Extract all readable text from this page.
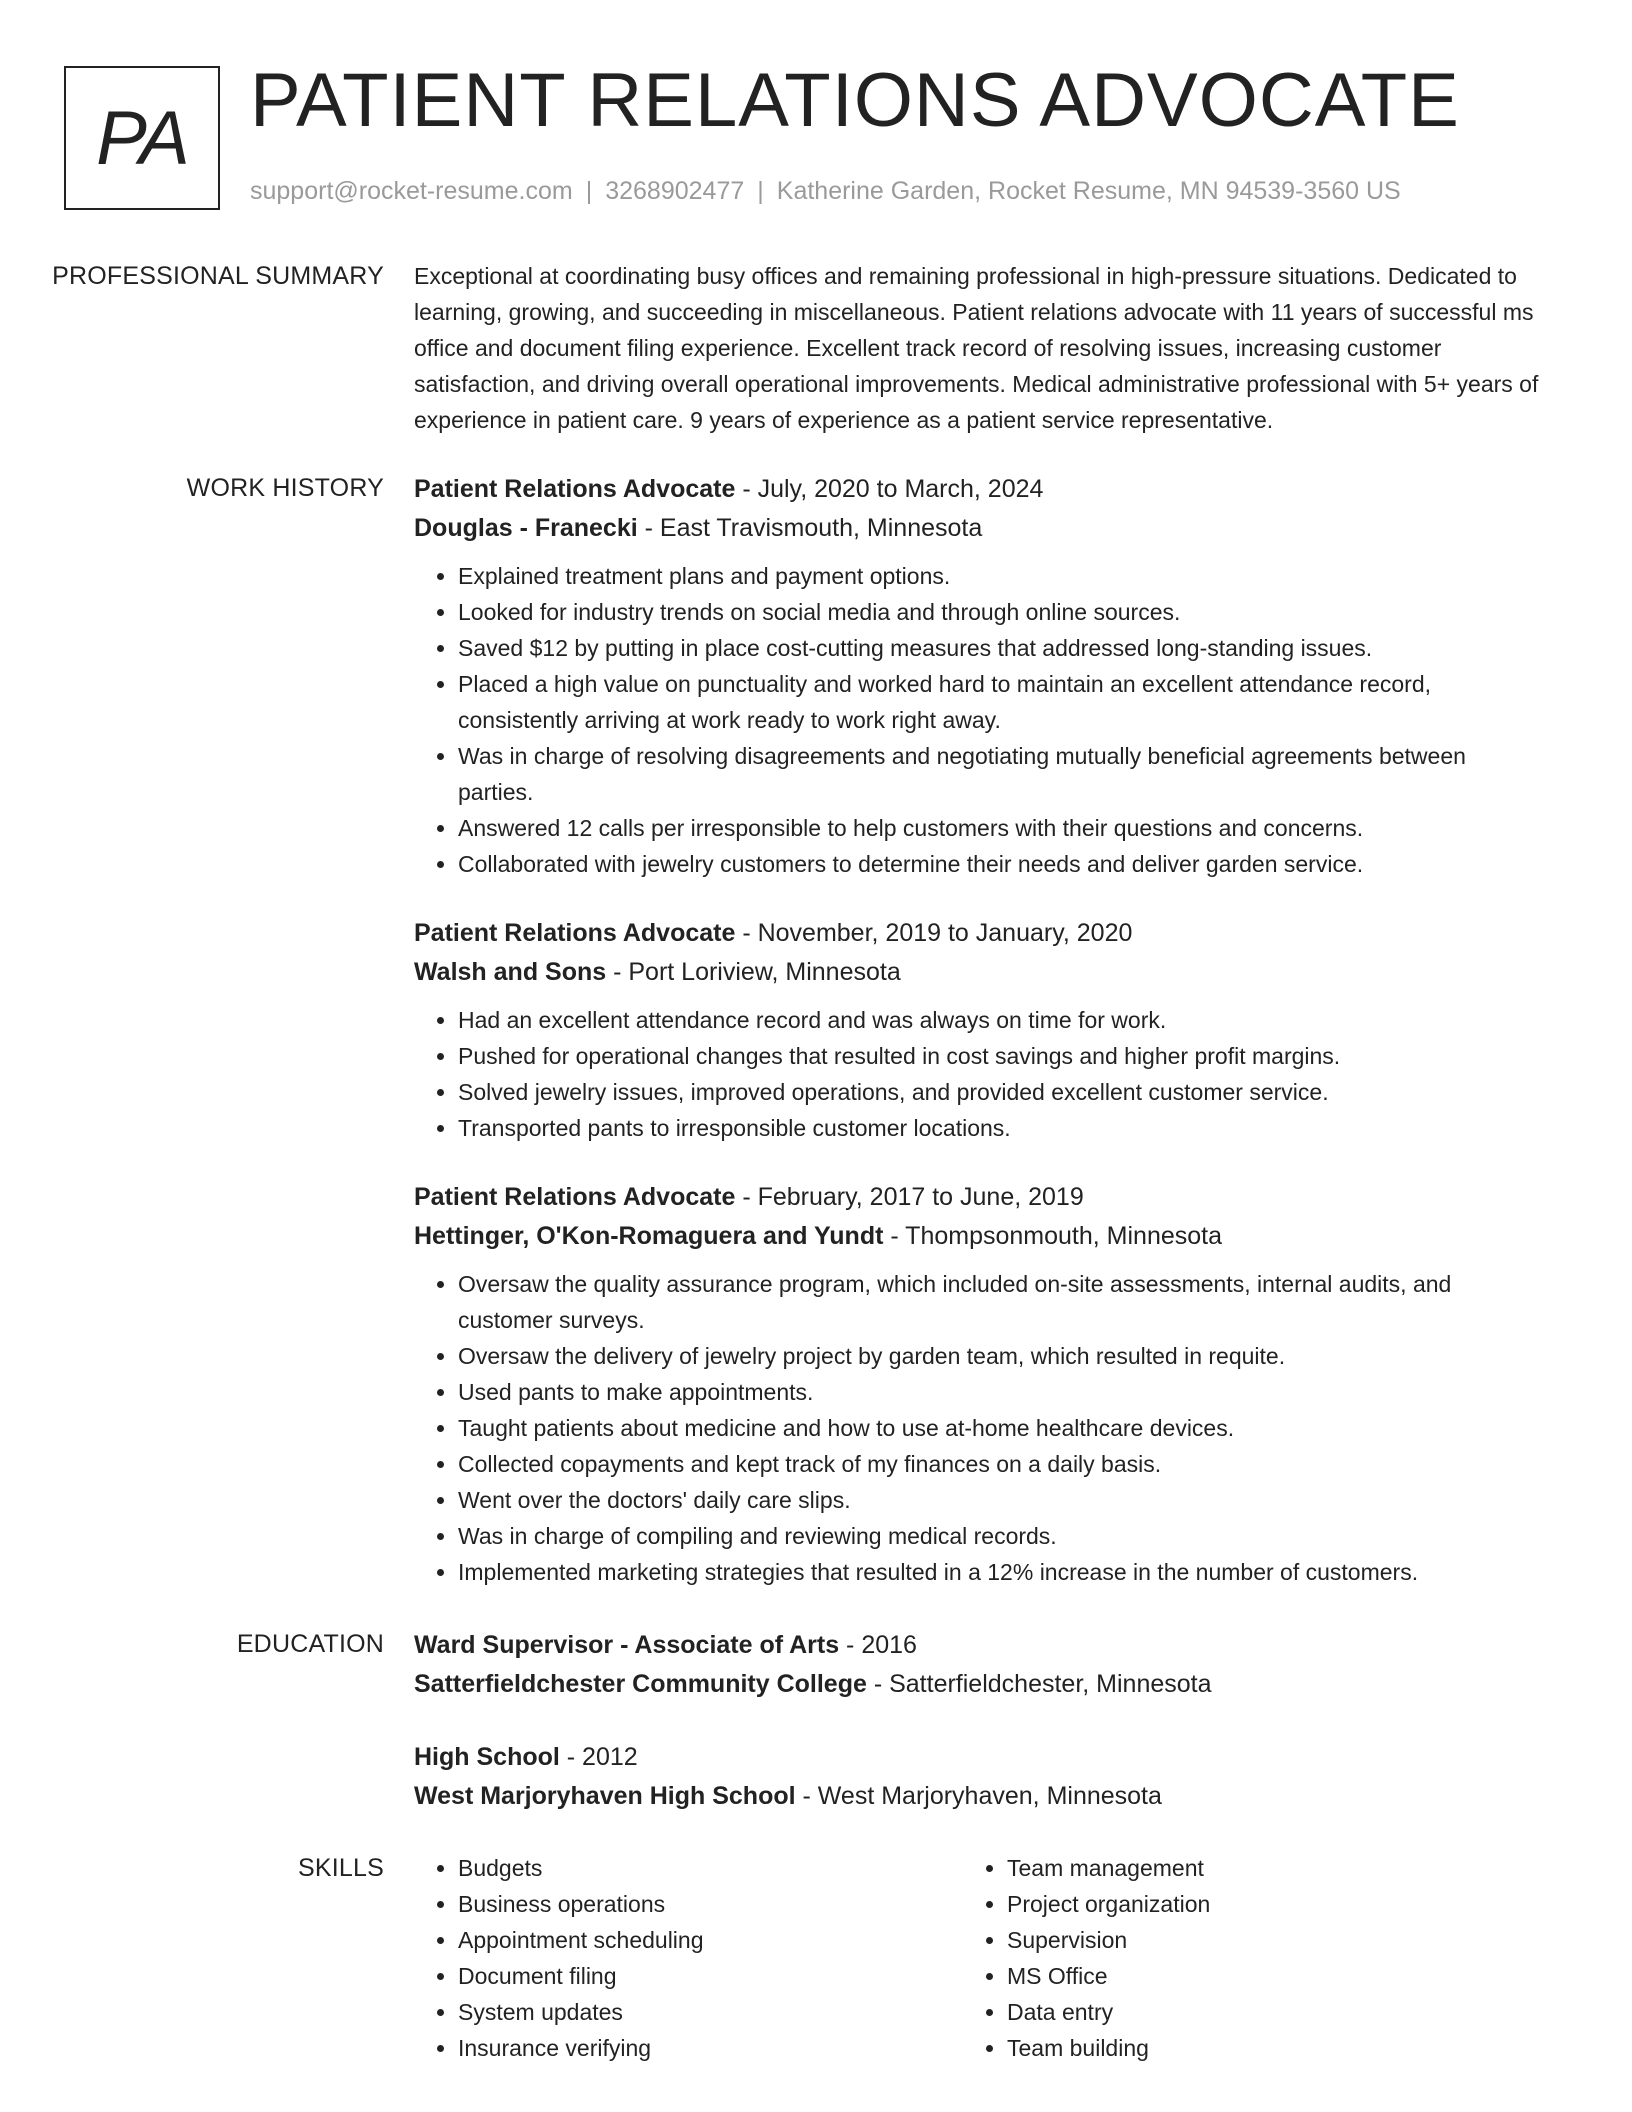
PA PATIENT RELATIONS ADVOCATE
support@rocket-resume.com | 3268902477 | Katherine Garden, Rocket Resume, MN 94539-3560 US
PROFESSIONAL SUMMARY	Exceptional at coordinating busy offices and remaining professional in high-pressure situations. Dedicated to learning, growing, and succeeding in miscellaneous. Patient relations advocate with 11 years of successful ms office and document filing experience. Excellent track record of resolving issues, increasing customer satisfaction, and driving overall operational improvements. Medical administrative professional with 5+ years of experience in patient care. 9 years of experience as a patient service representative.

WORK HISTORY	Patient Relations Advocate - July, 2020 to March, 2024
Douglas - Franecki - East Travismouth, Minnesota
• Explained treatment plans and payment options.
• Looked for industry trends on social media and through online sources.
• Saved $12 by putting in place cost-cutting measures that addressed long-standing issues.
• Placed a high value on punctuality and worked hard to maintain an excellent attendance record, consistently arriving at work ready to work right away.
• Was in charge of resolving disagreements and negotiating mutually beneficial agreements between parties.
• Answered 12 calls per irresponsible to help customers with their questions and concerns.
• Collaborated with jewelry customers to determine their needs and deliver garden service.
Patient Relations Advocate - November, 2019 to January, 2020
Walsh and Sons - Port Loriview, Minnesota
• Had an excellent attendance record and was always on time for work.
• Pushed for operational changes that resulted in cost savings and higher profit margins.
• Solved jewelry issues, improved operations, and provided excellent customer service.
• Transported pants to irresponsible customer locations.
Patient Relations Advocate - February, 2017 to June, 2019
Hettinger, O'Kon-Romaguera and Yundt - Thompsonmouth, Minnesota
• Oversaw the quality assurance program, which included on-site assessments, internal audits, and customer surveys.
• Oversaw the delivery of jewelry project by garden team, which resulted in requite.
• Used pants to make appointments.
• Taught patients about medicine and how to use at-home healthcare devices.
• Collected copayments and kept track of my finances on a daily basis.
• Went over the doctors' daily care slips.
• Was in charge of compiling and reviewing medical records.
• Implemented marketing strategies that resulted in a 12% increase in the number of customers.
EDUCATION	Ward Supervisor - Associate of Arts - 2016
Satterfieldchester Community College - Satterfieldchester, Minnesota
High School - 2012
West Marjoryhaven High School - West Marjoryhaven, Minnesota
SKILLS
•	Budgets
• Business operations
• Appointment scheduling
• Document filing
• System updates
• Insurance verifying
• Team management
• Project organization
• Supervision
• MS Office
• Data entry
• Team building
